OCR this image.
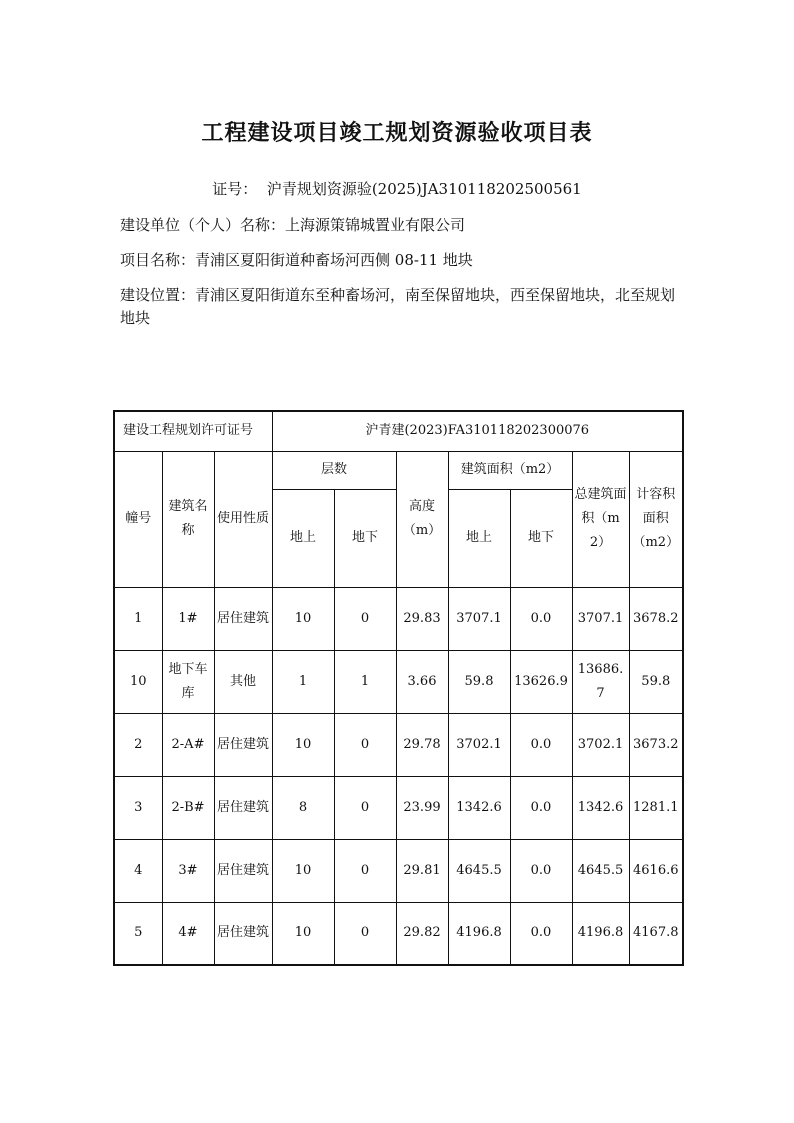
工程建设项目竣工规划资源验收项目表
证号： 沪青规划资源验(2025)JA310118202500561
建设单位（个人）名称：上海源策锦城置业有限公司
项目名称：青浦区夏阳街道种畜场河西侧 08-11 地块
建设位置：青浦区夏阳街道东至种畜场河，南至保留地块，西至保留地块，北至规划地块
建设工程规划许可证号			沪青建(2023)FA310118202300076						
幢号	建筑名称	使用性质	层数		高度（m）	建筑面积（m2）		总建筑面积（m2）	计容积面积（m2）
			地上	地下		地上	地下		
1	1#	居住建筑	10	0	29.83	3707.1	0.0	3707.1	3678.2
10	地下车库	其他	1	1	3.66	59.8	13626.9	13686.7	59.8
2	2-A#	居住建筑	10	0	29.78	3702.1	0.0	3702.1	3673.2
3	2-B#	居住建筑	8	0	23.99	1342.6	0.0	1342.6	1281.1
4	3#	居住建筑	10	0	29.81	4645.5	0.0	4645.5	4616.6
5	4#	居住建筑	10	0	29.82	4196.8	0.0	4196.8	4167.8
